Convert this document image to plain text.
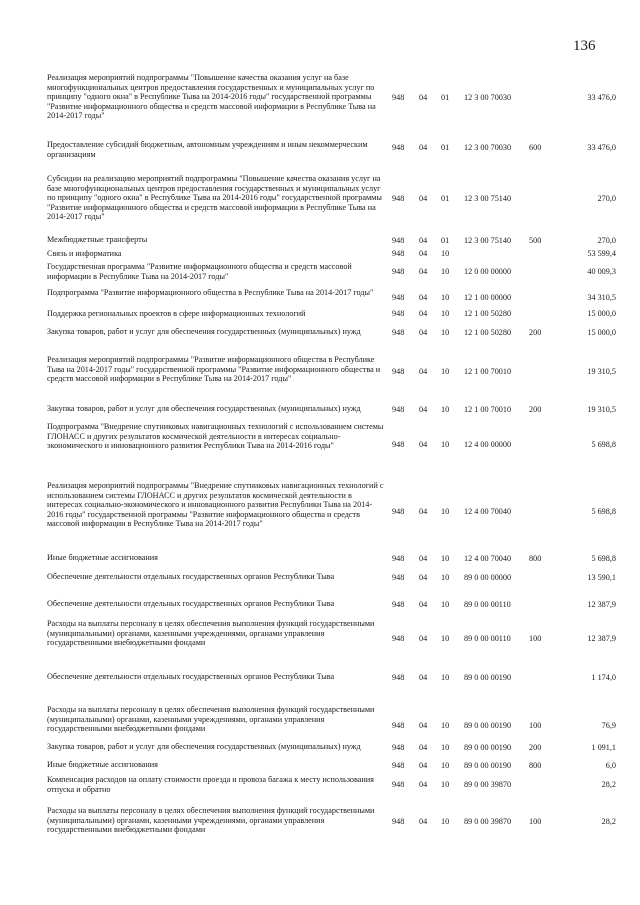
136
Реализация мероприятий подпрограммы "Повышение качества оказания услуг на базе многофункциональных центров предоставления государственных и муниципальных услуг по принципу "одного окна" в Республике Тыва на 2014-2016 годы" государственной программы "Развитие информационного общества и средств массовой информации в Республике Тыва на 2014-2017 годы"
948 04 01 12 3 00 70030	33 476,0
Предоставление субсидий бюджетным, автономным учреждениям и иным некоммерческим организациям
948 04 01 12 3 00 70030 600	33 476,0
Субсидии на реализацию мероприятий подпрограммы "Повышение качества оказания услуг на базе многофункциональных центров предоставления государственных и муниципальных услуг по принципу "одного окна" в Республике Тыва на 2014-2016 годы" государственной программы "Развитие информационного общества и средств массовой информации в Республике Тыва на 2014-2017 годы"
948 04 01 12 3 00 75140	270,0
Межбюджетные трансферты	948 04 01 12 3 00 75140 500	270,0
Связь и информатика	948 04 10	53 599,4
Государственная программа "Развитие информационного общества и средств массовой информации в Республике Тыва на 2014-2017 годы"
948 04 10 12 0 00 00000	40 009,3
Подпрограмма "Развитие информационного общества в Республике Тыва на 2014-2017 годы"
948 04 10 12 1 00 00000	34 310,5
Поддержка региональных проектов в сфере информационных технологий	948 04 10 12 1 00 50280	15 000,0
Закупка товаров, работ и услуг для обеспечения государственных (муниципальных) нужд	948 04 10 12 1 00 50280 200	15 000,0
Реализация мероприятий подпрограммы "Развитие информационного общества в Республике Тыва на 2014-2017 годы" государственной программы "Развитие информационного общества и средств массовой информации в Республике Тыва на 2014-2017 годы"
948 04 10 12 1 00 70010	19 310,5
Закупка товаров, работ и услуг для обеспечения государственных (муниципальных) нужд	948 04 10 12 1 00 70010 200	19 310,5
Подпрограмма "Внедрение спутниковых навигационных технологий с использованием системы ГЛОНАСС и других результатов космической деятельности в интересах социально-экономического и инновационного развития Республики Тыва на 2014-2016 годы"	948 04 10 12 4 00 00000	5 698,8
Реализация мероприятий подпрограммы "Внедрение спутниковых навигационных технологий с использованием системы ГЛОНАСС и других результатов космической деятельности в интересах социально-экономического и инновационного развития Республики Тыва на 2014-2016 годы" государственной программы "Развитие информационного общества и средств массовой информации в Республике Тыва на 2014-2017 годы"
948 04 10 12 4 00 70040	5 698,8
Иные бюджетные ассигнования	948 04 10 12 4 00 70040 800	5 698,8
Обеспечение деятельности отдельных государственных органов Республики Тыва	948 04 10 89 0 00 00000	13 590,1
Обеспечение деятельности отдельных государственных органов Республики Тыва	948 04 10 89 0 00 00110	12 387,9
Расходы на выплаты персоналу в целях обеспечения выполнения функций государственными (муниципальными) органами, казенными учреждениями, органами управления государственными внебюджетными фондами	948 04 10 89 0 00 00110 100	12 387,9
Обеспечение деятельности отдельных государственных органов Республики Тыва	948 04 10 89 0 00 00190	1 174,0
Расходы на выплаты персоналу в целях обеспечения выполнения функций государственными (муниципальными) органами, казенными учреждениями, органами управления государственными внебюджетными фондами	948 04 10 89 0 00 00190 100	76,9
Закупка товаров, работ и услуг для обеспечения государственных (муниципальных) нужд	948 04 10 89 0 00 00190 200	1 091,1
Иные бюджетные ассигнования	948 04 10 89 0 00 00190 800	6,0
Компенсация расходов на оплату стоимости проезда и провоза багажа к месту использования отпуска и обратно
948 04 10 89 0 00 39870	28,2
Расходы на выплаты персоналу в целях обеспечения выполнения функций государственными (муниципальными) органами, казенными учреждениями, органами управления государственными внебюджетными фондами
948 04 10 89 0 00 39870 100	28,2
